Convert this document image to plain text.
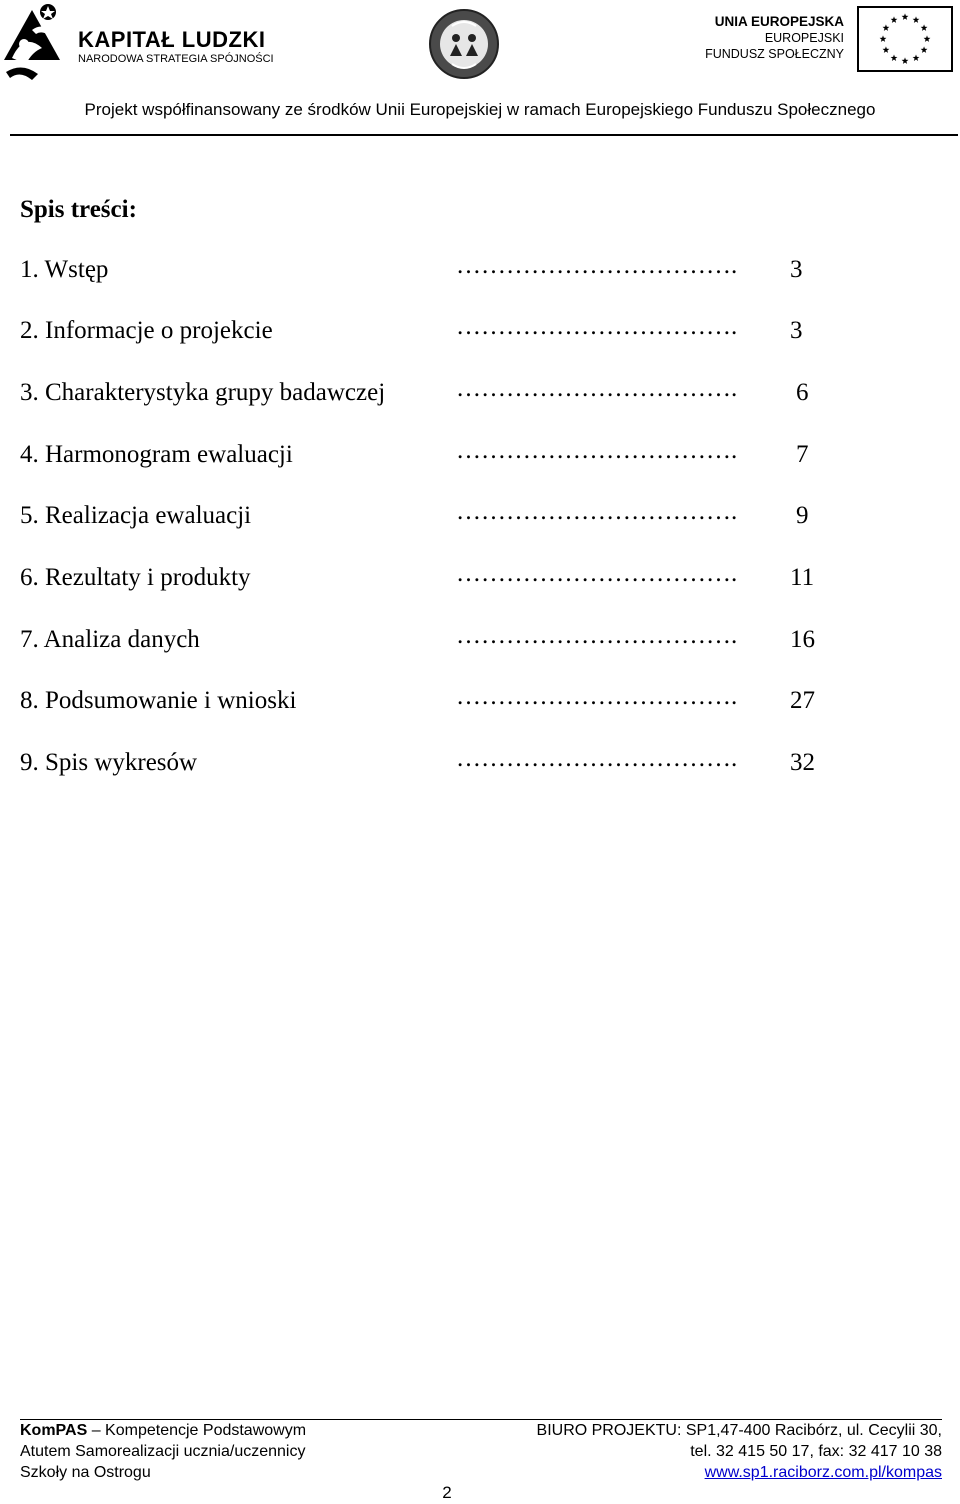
KAPITAŁ LUDZKI
NARODOWA STRATEGIA SPÓJNOŚCI
UNIA EUROPEJSKA
EUROPEJSKI
FUNDUSZ SPOŁECZNY
Projekt współfinansowany ze środków Unii Europejskiej w ramach Europejskiego Funduszu Społecznego
Spis treści:
1. Wstęp	……………………………. 3
2. Informacje o projekcie	……………………………. 3
3. Charakterystyka grupy badawczej	……………………………. 6
4. Harmonogram ewaluacji	……………………………. 7
5. Realizacja ewaluacji	……………………………. 9
6. Rezultaty i produkty	……………………………. 11
7. Analiza danych	……………………………. 16
8. Podsumowanie i wnioski	……………………………. 27
9. Spis wykresów	……………………………. 32
KomPAS – Kompetencje Podstawowym
Atutem Samorealizacji ucznia/uczennicy
Szkoły na Ostrogu
BIURO PROJEKTU: SP1,47-400 Racibórz, ul. Cecylii 30,
tel. 32 415 50 17, fax: 32 417 10 38
www.sp1.raciborz.com.pl/kompas
2
